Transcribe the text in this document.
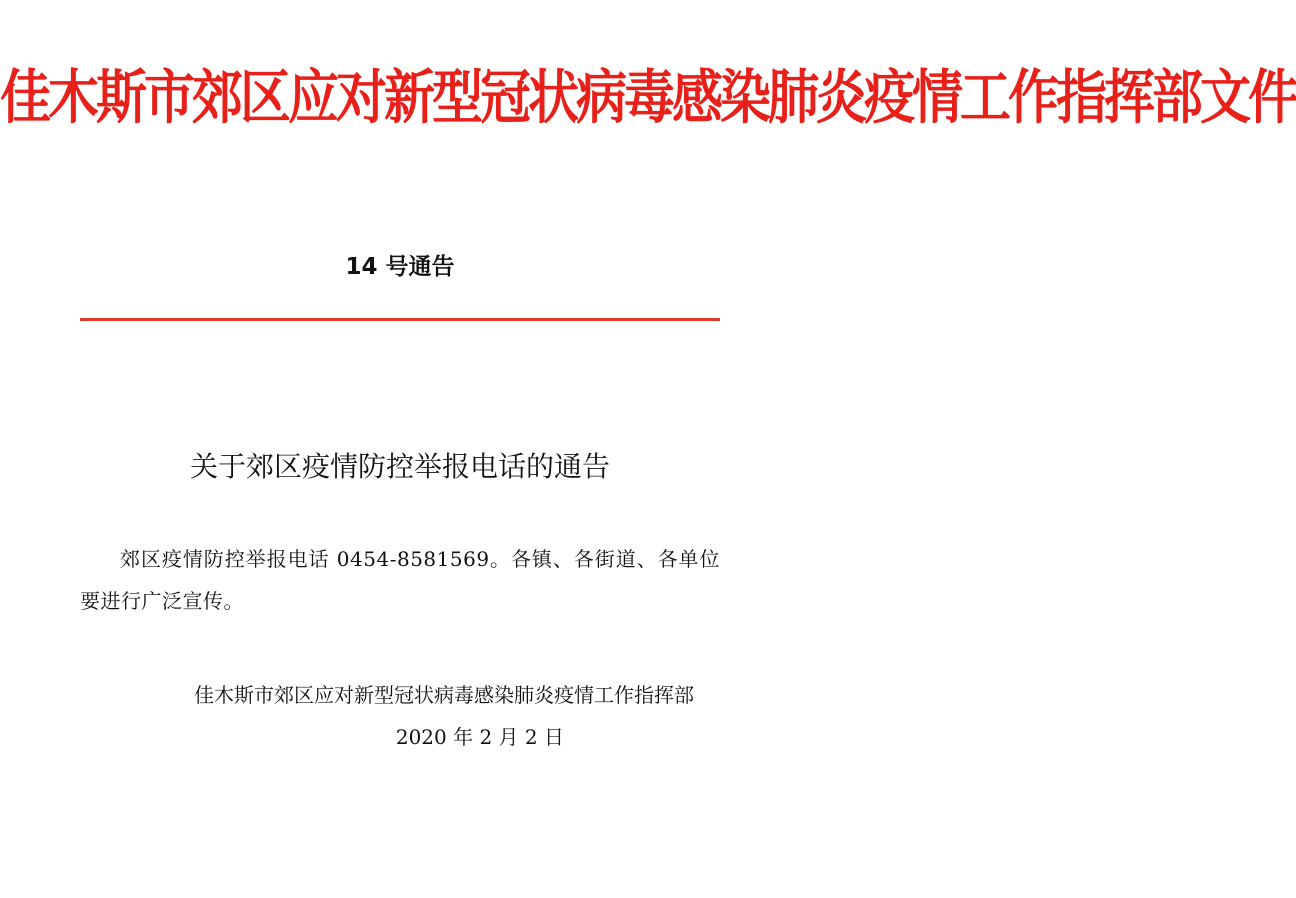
佳木斯市郊区应对新型冠状病毒感染肺炎疫情工作指挥部文件
14 号通告
关于郊区疫情防控举报电话的通告
郊区疫情防控举报电话 0454-8581569。各镇、各街道、各单位要进行广泛宣传。
佳木斯市郊区应对新型冠状病毒感染肺炎疫情工作指挥部
2020 年 2 月 2 日
